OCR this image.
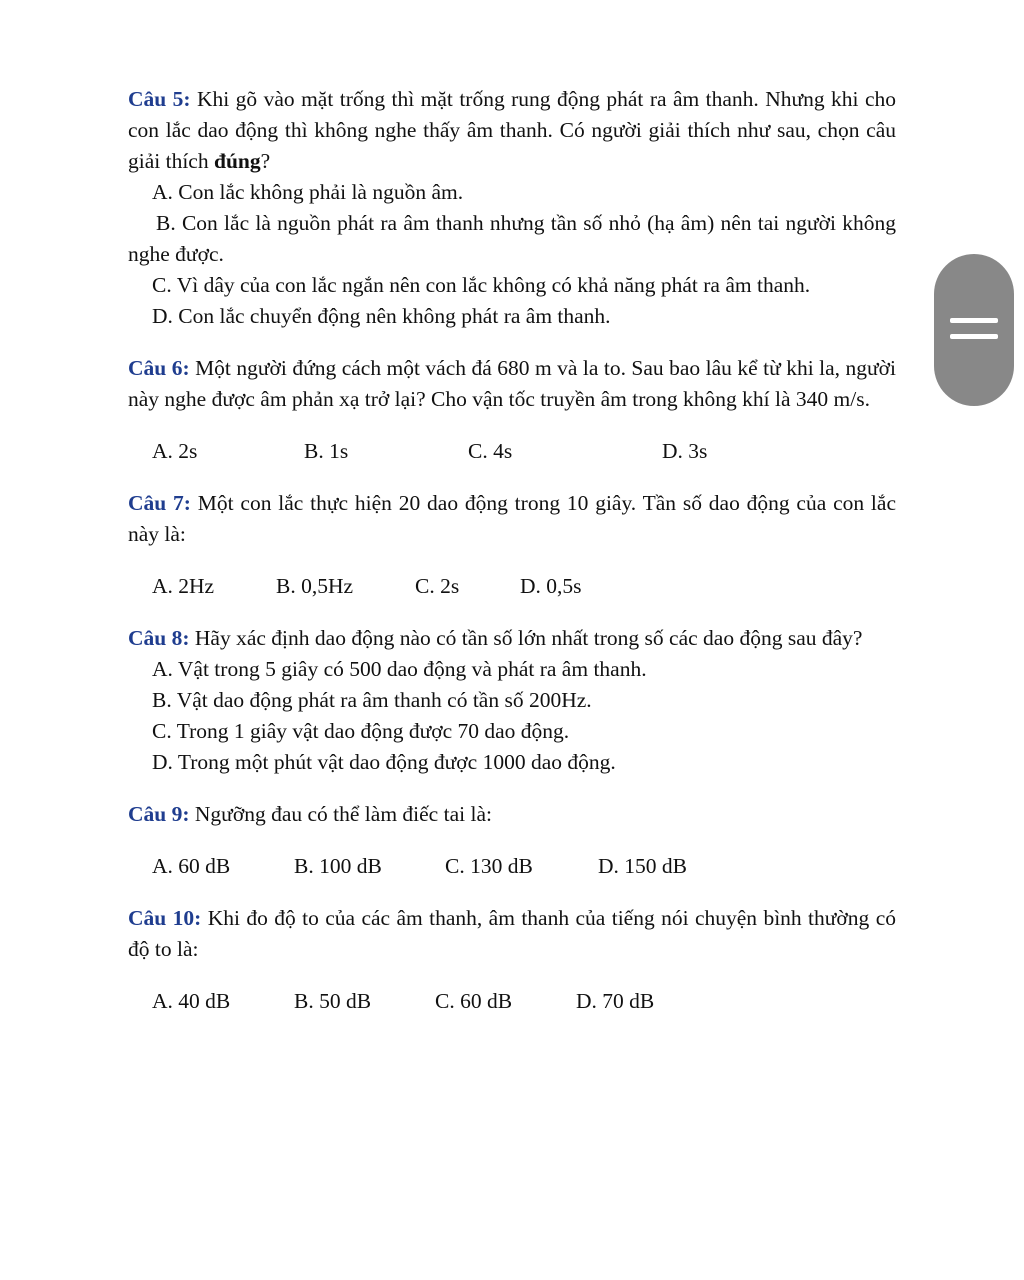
Câu 5: Khi gõ vào mặt trống thì mặt trống rung động phát ra âm thanh. Nhưng khi cho con lắc dao động thì không nghe thấy âm thanh. Có người giải thích như sau, chọn câu giải thích đúng?

A. Con lắc không phải là nguồn âm.

B. Con lắc là nguồn phát ra âm thanh nhưng tần số nhỏ (hạ âm) nên tai người không nghe được.

C. Vì dây của con lắc ngắn nên con lắc không có khả năng phát ra âm thanh.

D. Con lắc chuyển động nên không phát ra âm thanh.

Câu 6: Một người đứng cách một vách đá 680 m và la to. Sau bao lâu kể từ khi la, người này nghe được âm phản xạ trở lại? Cho vận tốc truyền âm trong không khí là 340 m/s.

A. 2s	B. 1s	C. 4s	D. 3s

Câu 7: Một con lắc thực hiện 20 dao động trong 10 giây. Tần số dao động của con lắc này là:

A. 2Hz	B. 0,5Hz	C. 2s	D. 0,5s

Câu 8: Hãy xác định dao động nào có tần số lớn nhất trong số các dao động sau đây?

A. Vật trong 5 giây có 500 dao động và phát ra âm thanh.

B. Vật dao động phát ra âm thanh có tần số 200Hz.

C. Trong 1 giây vật dao động được 70 dao động.

D. Trong một phút vật dao động được 1000 dao động.

Câu 9: Ngưỡng đau có thể làm điếc tai là:

A. 60 dB	B. 100 dB	C. 130 dB	D. 150 dB

Câu 10: Khi đo độ to của các âm thanh, âm thanh của tiếng nói chuyện bình thường có độ to là:

A. 40 dB	B. 50 dB	C. 60 dB	D. 70 dB
